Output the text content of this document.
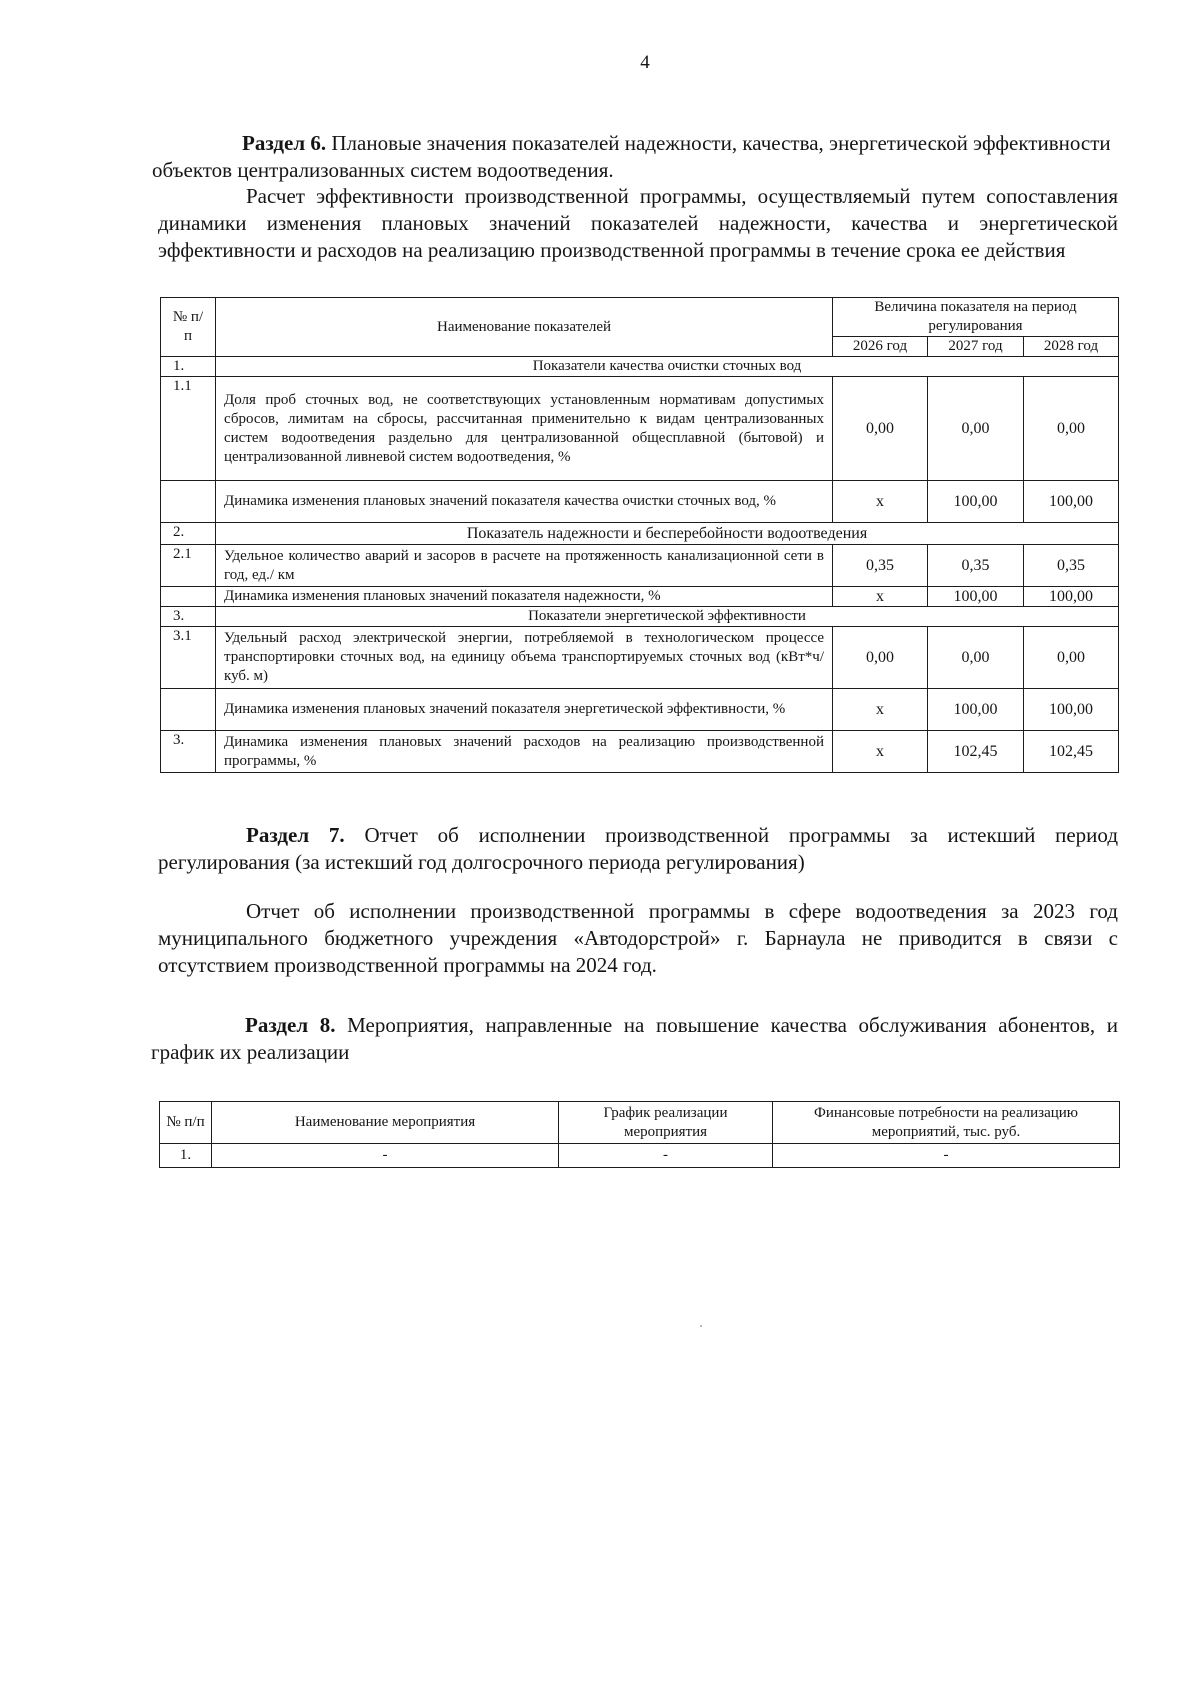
4

Раздел 6. Плановые значения показателей надежности, качества, энергетической эффективности объектов централизованных систем водоотведения.

Расчет эффективности производственной программы, осуществляемый путем сопоставления динамики изменения плановых значений показателей надежности, качества и энергетической эффективности и расходов на реализацию производственной программы в течение срока ее действия

№ п/п	Наименование показателей	Величина показателя на период регулирования		
		2026 год	2027 год	2028 год
1.	Показатели качества очистки сточных вод			
1.1	Доля проб сточных вод, не соответствующих установленным нормативам допустимых сбросов, лимитам на сбросы, рассчитанная применительно к видам централизованных систем водоотведения раздельно для централизованной общесплавной (бытовой) и централизованной ливневой систем водоотведения, %	0,00	0,00	0,00
	Динамика изменения плановых значений показателя качества очистки сточных вод, %	x	100,00	100,00
2.	Показатель надежности и бесперебойности водоотведения			
2.1	Удельное количество аварий и засоров в расчете на протяженность канализационной сети в год, ед./ км	0,35	0,35	0,35
	Динамика изменения плановых значений показателя надежности, %	x	100,00	100,00
3.	Показатели энергетической эффективности			
3.1	Удельный расход электрической энергии, потребляемой в технологическом процессе транспортировки сточных вод, на единицу объема транспортируемых сточных вод (кВт*ч/ куб. м)	0,00	0,00	0,00
	Динамика изменения плановых значений показателя энергетической эффективности, %	x	100,00	100,00
3.	Динамика изменения плановых значений расходов на реализацию производственной программы, %	x	102,45	102,45

Раздел 7. Отчет об исполнении производственной программы за истекший период регулирования (за истекший год долгосрочного периода регулирования)

Отчет об исполнении производственной программы в сфере водоотведения за 2023 год муниципального бюджетного учреждения «Автодорстрой» г. Барнаула не приводится в связи с отсутствием производственной программы на 2024 год.

Раздел 8. Мероприятия, направленные на повышение качества обслуживания абонентов, и график их реализации

№ п/п	Наименование мероприятия	График реализации мероприятия	Финансовые потребности на реализацию мероприятий, тыс. руб.
1.	-	-	-
